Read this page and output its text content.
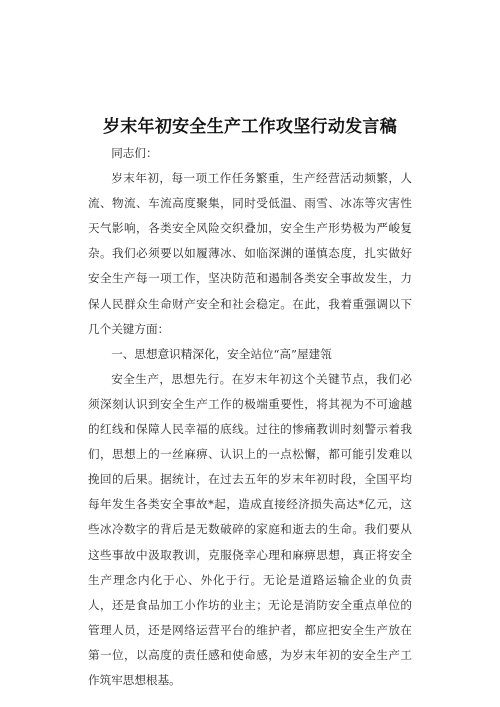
岁末年初安全生产工作攻坚行动发言稿

同志们：

岁末年初，每一项工作任务繁重，生产经营活动频繁，人流、物流、车流高度聚集，同时受低温、雨雪、冰冻等灾害性天气影响，各类安全风险交织叠加，安全生产形势极为严峻复杂。我们必须要以如履薄冰、如临深渊的谨慎态度，扎实做好安全生产每一项工作，坚决防范和遏制各类安全事故发生，力保人民群众生命财产安全和社会稳定。在此，我着重强调以下几个关键方面：

一、思想意识精深化，安全站位“高”屋建瓴

安全生产，思想先行。在岁末年初这个关键节点，我们必须深刻认识到安全生产工作的极端重要性，将其视为不可逾越的红线和保障人民幸福的底线。过往的惨痛教训时刻警示着我们，思想上的一丝麻痹、认识上的一点松懈，都可能引发难以挽回的后果。据统计，在过去五年的岁末年初时段，全国平均每年发生各类安全事故*起，造成直接经济损失高达*亿元，这些冰冷数字的背后是无数破碎的家庭和逝去的生命。我们要从这些事故中汲取教训，克服侥幸心理和麻痹思想，真正将安全生产理念内化于心、外化于行。无论是道路运输企业的负责人，还是食品加工小作坊的业主；无论是消防安全重点单位的管理人员，还是网络运营平台的维护者，都应把安全生产放在第一位，以高度的责任感和使命感，为岁末年初的安全生产工作筑牢思想根基。
